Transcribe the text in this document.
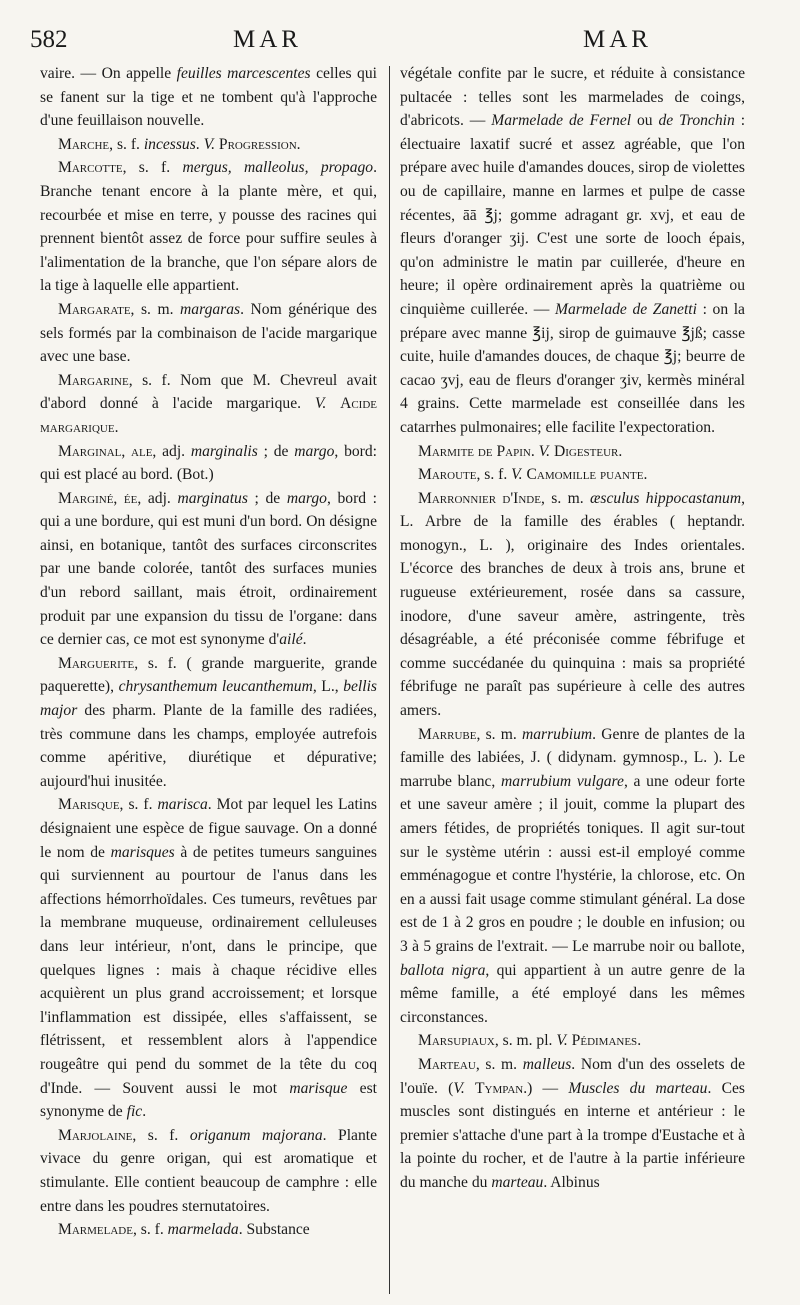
582	MAR	MAR

vaire. — On appelle feuilles marcescentes celles qui se fanent sur la tige et ne tombent qu'à l'approche d'une feuillaison nouvelle.

Marche, s. f. incessus. V. Progression.

Marcotte, s. f. mergus, malleolus, propago. Branche tenant encore à la plante mère, et qui, recourbée et mise en terre, y pousse des racines qui prennent bientôt assez de force pour suffire seules à l'alimentation de la branche, que l'on sépare alors de la tige à laquelle elle appartient.

Margarate, s. m. margaras. Nom générique des sels formés par la combinaison de l'acide margarique avec une base.

Margarine, s. f. Nom que M. Chevreul avait d'abord donné à l'acide margarique. V. Acide margarique.

Marginal, ale, adj. marginalis ; de margo, bord: qui est placé au bord. (Bot.)

Marginé, ée, adj. marginatus ; de margo, bord : qui a une bordure, qui est muni d'un bord. On désigne ainsi, en botanique, tantôt des surfaces circonscrites par une bande colorée, tantôt des surfaces munies d'un rebord saillant, mais étroit, ordinairement produit par une expansion du tissu de l'organe: dans ce dernier cas, ce mot est synonyme d'ailé.

Marguerite, s. f. ( grande marguerite, grande paquerette), chrysanthemum leucanthemum, L., bellis major des pharm. Plante de la famille des radiées, très commune dans les champs, employée autrefois comme apéritive, diurétique et dépurative; aujourd'hui inusitée.

Marisque, s. f. marisca. Mot par lequel les Latins désignaient une espèce de figue sauvage. On a donné le nom de marisques à de petites tumeurs sanguines qui surviennent au pourtour de l'anus dans les affections hémorrhoïdales. Ces tumeurs, revêtues par la membrane muqueuse, ordinairement celluleuses dans leur intérieur, n'ont, dans le principe, que quelques lignes : mais à chaque récidive elles acquièrent un plus grand accroissement; et lorsque l'inflammation est dissipée, elles s'affaissent, se flétrissent, et ressemblent alors à l'appendice rougeâtre qui pend du sommet de la tête du coq d'Inde. — Souvent aussi le mot marisque est synonyme de fic.

Marjolaine, s. f. origanum majorana. Plante vivace du genre origan, qui est aromatique et stimulante. Elle contient beaucoup de camphre : elle entre dans les poudres sternutatoires.

Marmelade, s. f. marmelada. Substance

végétale confite par le sucre, et réduite à consistance pultacée : telles sont les marmelades de coings, d'abricots. — Marmelade de Fernel ou de Tronchin : électuaire laxatif sucré et assez agréable, que l'on prépare avec huile d'amandes douces, sirop de violettes ou de capillaire, manne en larmes et pulpe de casse récentes, āā ℥j; gomme adragant gr. xvj, et eau de fleurs d'oranger ʒij. C'est une sorte de looch épais, qu'on administre le matin par cuillerée, d'heure en heure; il opère ordinairement après la quatrième ou cinquième cuillerée. — Marmelade de Zanetti : on la prépare avec manne ℥ij, sirop de guimauve ℥jß; casse cuite, huile d'amandes douces, de chaque ℥j; beurre de cacao ʒvj, eau de fleurs d'oranger ʒiv, kermès minéral 4 grains. Cette marmelade est conseillée dans les catarrhes pulmonaires; elle facilite l'expectoration.

Marmite de Papin. V. Digesteur.

Maroute, s. f. V. Camomille puante.

Marronnier d'Inde, s. m. æsculus hippocastanum, L. Arbre de la famille des érables ( heptandr. monogyn., L. ), originaire des Indes orientales. L'écorce des branches de deux à trois ans, brune et rugueuse extérieurement, rosée dans sa cassure, inodore, d'une saveur amère, astringente, très désagréable, a été préconisée comme fébrifuge et comme succédanée du quinquina : mais sa propriété fébrifuge ne paraît pas supérieure à celle des autres amers.

Marrube, s. m. marrubium. Genre de plantes de la famille des labiées, J. ( didynam. gymnosp., L. ). Le marrube blanc, marrubium vulgare, a une odeur forte et une saveur amère ; il jouit, comme la plupart des amers fétides, de propriétés toniques. Il agit sur-tout sur le système utérin : aussi est-il employé comme emménagogue et contre l'hystérie, la chlorose, etc. On en a aussi fait usage comme stimulant général. La dose est de 1 à 2 gros en poudre ; le double en infusion; ou 3 à 5 grains de l'extrait. — Le marrube noir ou ballote, ballota nigra, qui appartient à un autre genre de la même famille, a été employé dans les mêmes circonstances.

Marsupiaux, s. m. pl. V. Pédimanes.

Marteau, s. m. malleus. Nom d'un des osselets de l'ouïe. (V. Tympan.) — Muscles du marteau. Ces muscles sont distingués en interne et antérieur : le premier s'attache d'une part à la trompe d'Eustache et à la pointe du rocher, et de l'autre à la partie inférieure du manche du marteau. Albinus
